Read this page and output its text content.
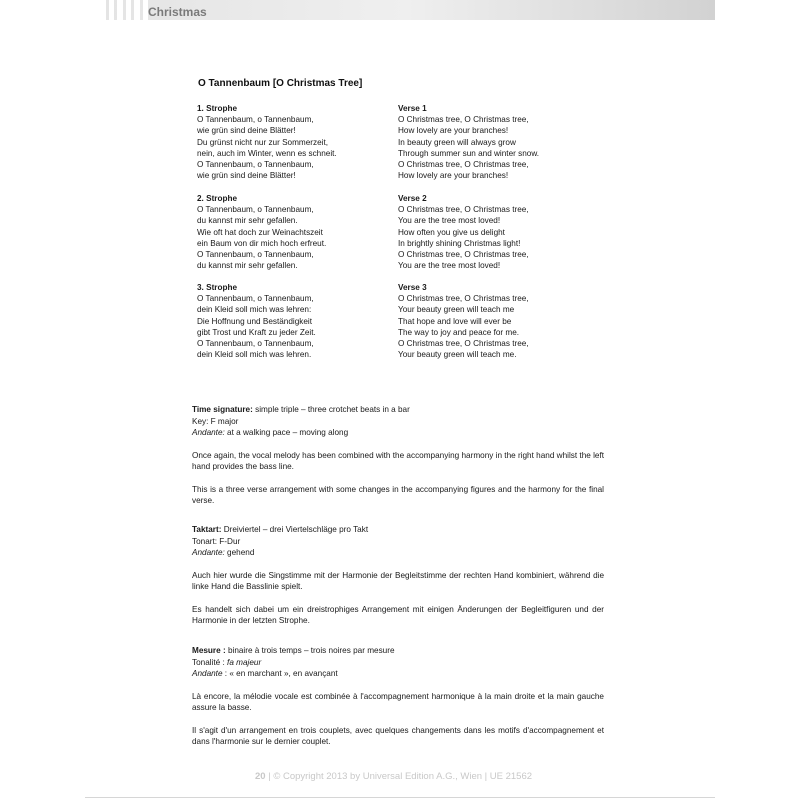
Christmas
O Tannenbaum [O Christmas Tree]
1. Strophe
O Tannenbaum, o Tannenbaum,
wie grün sind deine Blätter!
Du grünst nicht nur zur Sommerzeit,
nein, auch im Winter, wenn es schneit.
O Tannenbaum, o Tannenbaum,
wie grün sind deine Blätter!
2. Strophe
O Tannenbaum, o Tannenbaum,
du kannst mir sehr gefallen.
Wie oft hat doch zur Weinachtszeit
ein Baum von dir mich hoch erfreut.
O Tannenbaum, o Tannenbaum,
du kannst mir sehr gefallen.
3. Strophe
O Tannenbaum, o Tannenbaum,
dein Kleid soll mich was lehren:
Die Hoffnung und Beständigkeit
gibt Trost und Kraft zu jeder Zeit.
O Tannenbaum, o Tannenbaum,
dein Kleid soll mich was lehren.
Verse 1
O Christmas tree, O Christmas tree,
How lovely are your branches!
In beauty green will always grow
Through summer sun and winter snow.
O Christmas tree, O Christmas tree,
How lovely are your branches!
Verse 2
O Christmas tree, O Christmas tree,
You are the tree most loved!
How often you give us delight
In brightly shining Christmas light!
O Christmas tree, O Christmas tree,
You are the tree most loved!
Verse 3
O Christmas tree, O Christmas tree,
Your beauty green will teach me
That hope and love will ever be
The way to joy and peace for me.
O Christmas tree, O Christmas tree,
Your beauty green will teach me.

Time signature: simple triple – three crotchet beats in a bar

Key: F major

Andante: at a walking pace – moving along

Once again, the vocal melody has been combined with the accompanying harmony in the right hand whilst the left hand provides the bass line.

This is a three verse arrangement with some changes in the accompanying figures and the harmony for the final verse.

Taktart: Dreiviertel – drei Viertelschläge pro Takt

Tonart: F-Dur

Andante: gehend

Auch hier wurde die Singstimme mit der Harmonie der Begleitstimme der rechten Hand kombiniert, während die linke Hand die Basslinie spielt.

Es handelt sich dabei um ein dreistrophiges Arrangement mit einigen Änderungen der Begleitfiguren und der Harmonie in der letzten Strophe.

Mesure : binaire à trois temps – trois noires par mesure

Tonalité : fa majeur

Andante : « en marchant », en avançant

Là encore, la mélodie vocale est combinée à l'accompagnement harmonique à la main droite et la main gauche assure la basse.

Il s'agit d'un arrangement en trois couplets, avec quelques changements dans les motifs d'accompagnement et dans l'harmonie sur le dernier couplet.

20 | © Copyright 2013 by Universal Edition A.G., Wien | UE 21562
